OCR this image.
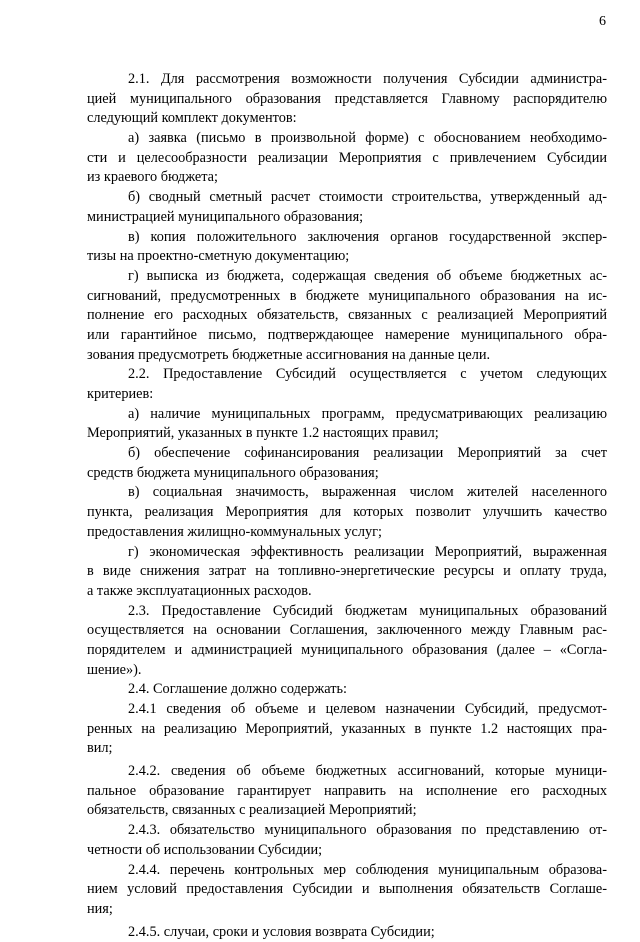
6
2.1. Для рассмотрения возможности получения Субсидии администра-
цией муниципального образования представляется Главному распорядителю
следующий комплект документов:
а) заявка (письмо в произвольной форме) с обоснованием необходимо-
сти и целесообразности реализации Мероприятия с привлечением Субсидии
из краевого бюджета;
б) сводный сметный расчет стоимости строительства, утвержденный ад-
министрацией муниципального образования;
в) копия положительного заключения органов государственной экспер-
тизы на проектно-сметную документацию;
г) выписка из бюджета, содержащая сведения об объеме бюджетных ас-
сигнований, предусмотренных в бюджете муниципального образования на ис-
полнение его расходных обязательств, связанных с реализацией Мероприятий
или гарантийное письмо, подтверждающее намерение муниципального обра-
зования предусмотреть бюджетные ассигнования на данные цели.
2.2. Предоставление Субсидий осуществляется с учетом следующих
критериев:
а) наличие муниципальных программ, предусматривающих реализацию
Мероприятий, указанных в пункте 1.2 настоящих правил;
б) обеспечение софинансирования реализации Мероприятий за счет
средств бюджета муниципального образования;
в) социальная значимость, выраженная числом жителей населенного
пункта, реализация Мероприятия для которых позволит улучшить качество
предоставления жилищно-коммунальных услуг;
г) экономическая эффективность реализации Мероприятий, выраженная
в виде снижения затрат на топливно-энергетические ресурсы и оплату труда,
а также эксплуатационных расходов.
2.3. Предоставление Субсидий бюджетам муниципальных образований
осуществляется на основании Соглашения, заключенного между Главным рас-
порядителем и администрацией муниципального образования (далее – «Согла-
шение»).
2.4. Соглашение должно содержать:
2.4.1 сведения об объеме и целевом назначении Субсидий, предусмот-
ренных на реализацию Мероприятий, указанных в пункте 1.2 настоящих пра-
вил;
2.4.2. сведения об объеме бюджетных ассигнований, которые муници-
пальное образование гарантирует направить на исполнение его расходных
обязательств, связанных с реализацией Мероприятий;
2.4.3. обязательство муниципального образования по представлению от-
четности об использовании Субсидии;
2.4.4. перечень контрольных мер соблюдения муниципальным образова-
нием условий предоставления Субсидии и выполнения обязательств Соглаше-
ния;
2.4.5. случаи, сроки и условия возврата Субсидии;
